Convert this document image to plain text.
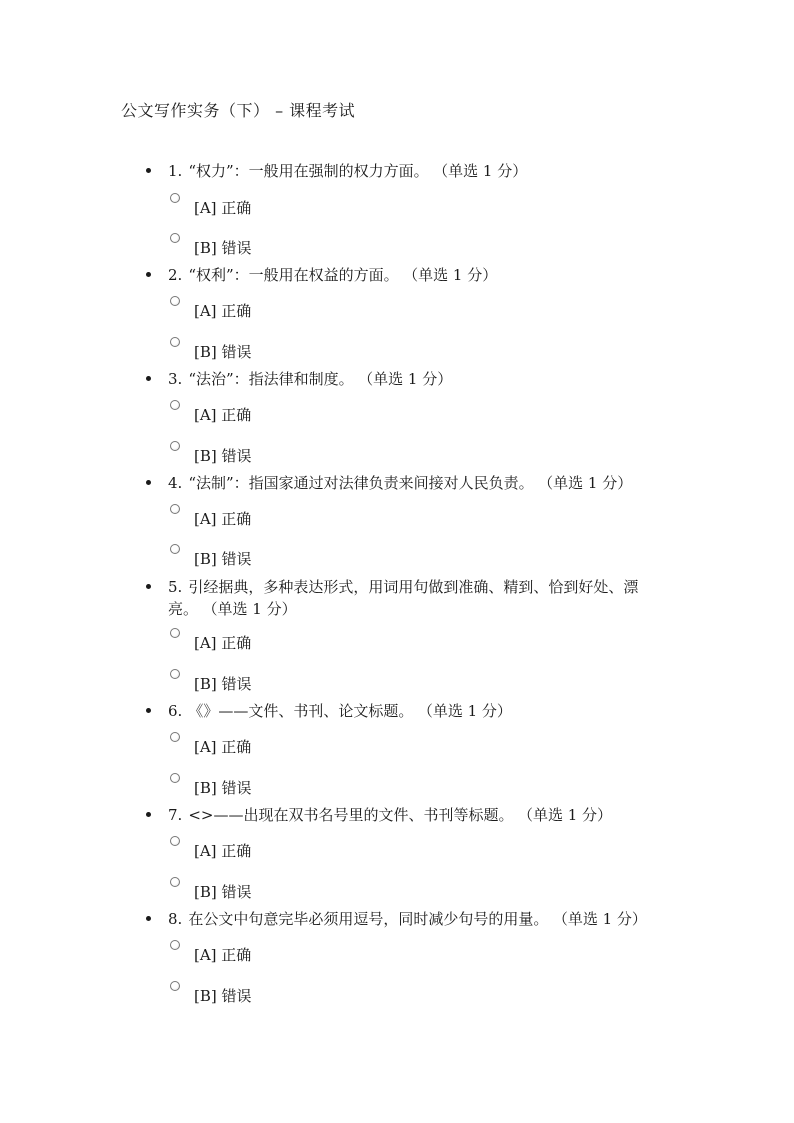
公文写作实务（下） – 课程考试
1. “权力”：一般用在强制的权力方面。 （单选 1 分）
[A] 正确
[B] 错误
2. “权利”：一般用在权益的方面。 （单选 1 分）
[A] 正确
[B] 错误
3. “法治”：指法律和制度。 （单选 1 分）
[A] 正确
[B] 错误
4. “法制”：指国家通过对法律负责来间接对人民负责。 （单选 1 分）
[A] 正确
[B] 错误
5. 引经据典，多种表达形式，用词用句做到准确、精到、恰到好处、漂亮。 （单选 1 分）
[A] 正确
[B] 错误
6. 《》——文件、书刊、论文标题。 （单选 1 分）
[A] 正确
[B] 错误
7. <>——出现在双书名号里的文件、书刊等标题。 （单选 1 分）
[A] 正确
[B] 错误
8. 在公文中句意完毕必须用逗号，同时减少句号的用量。 （单选 1 分）
[A] 正确
[B] 错误
